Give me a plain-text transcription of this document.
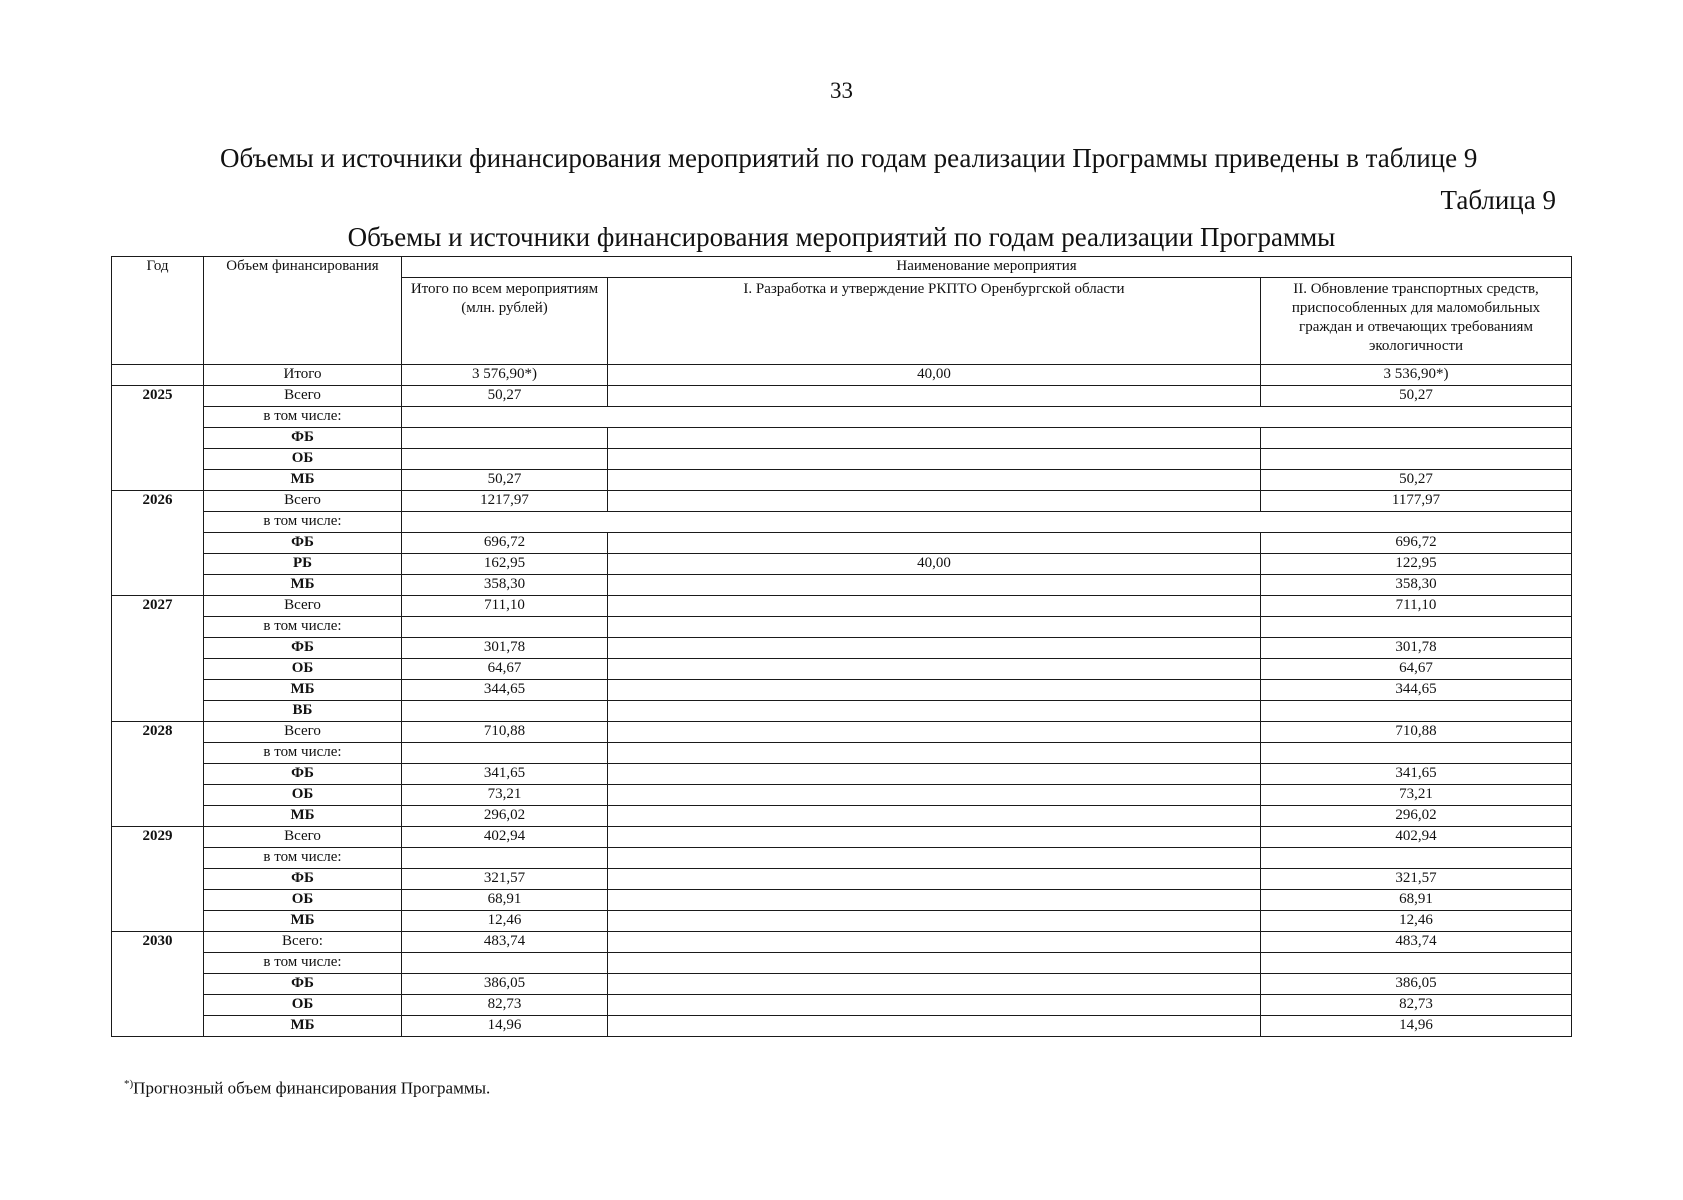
33
Объемы и источники финансирования мероприятий по годам реализации Программы приведены в таблице 9
Таблица 9
Объемы и источники финансирования мероприятий по годам реализации Программы
Год	Объем финансирования	Наименование мероприятия		
		Итого по всем мероприятиям (млн. рублей)	I. Разработка и утверждение РКПТО Оренбургской области	II. Обновление транспортных средств, приспособленных для маломобильных граждан и отвечающих требованиям экологичности
	Итого	3 576,90*)	40,00	3 536,90*)
2025	Всего	50,27		50,27
	в том числе:			
	ФБ			
	ОБ			
	МБ	50,27		50,27
2026	Всего	1217,97		1177,97
	в том числе:			
	ФБ	696,72		696,72
	РБ	162,95	40,00	122,95
	МБ	358,30		358,30
2027	Всего	711,10		711,10
	в том числе:			
	ФБ	301,78		301,78
	ОБ	64,67		64,67
	МБ	344,65		344,65
	ВБ			
2028	Всего	710,88		710,88
	в том числе:			
	ФБ	341,65		341,65
	ОБ	73,21		73,21
	МБ	296,02		296,02
2029	Всего	402,94		402,94
	в том числе:			
	ФБ	321,57		321,57
	ОБ	68,91		68,91
	МБ	12,46		12,46
2030	Всего:	483,74		483,74
	в том числе:			
	ФБ	386,05		386,05
	ОБ	82,73		82,73
	МБ	14,96		14,96
*)Прогнозный объем финансирования Программы.
